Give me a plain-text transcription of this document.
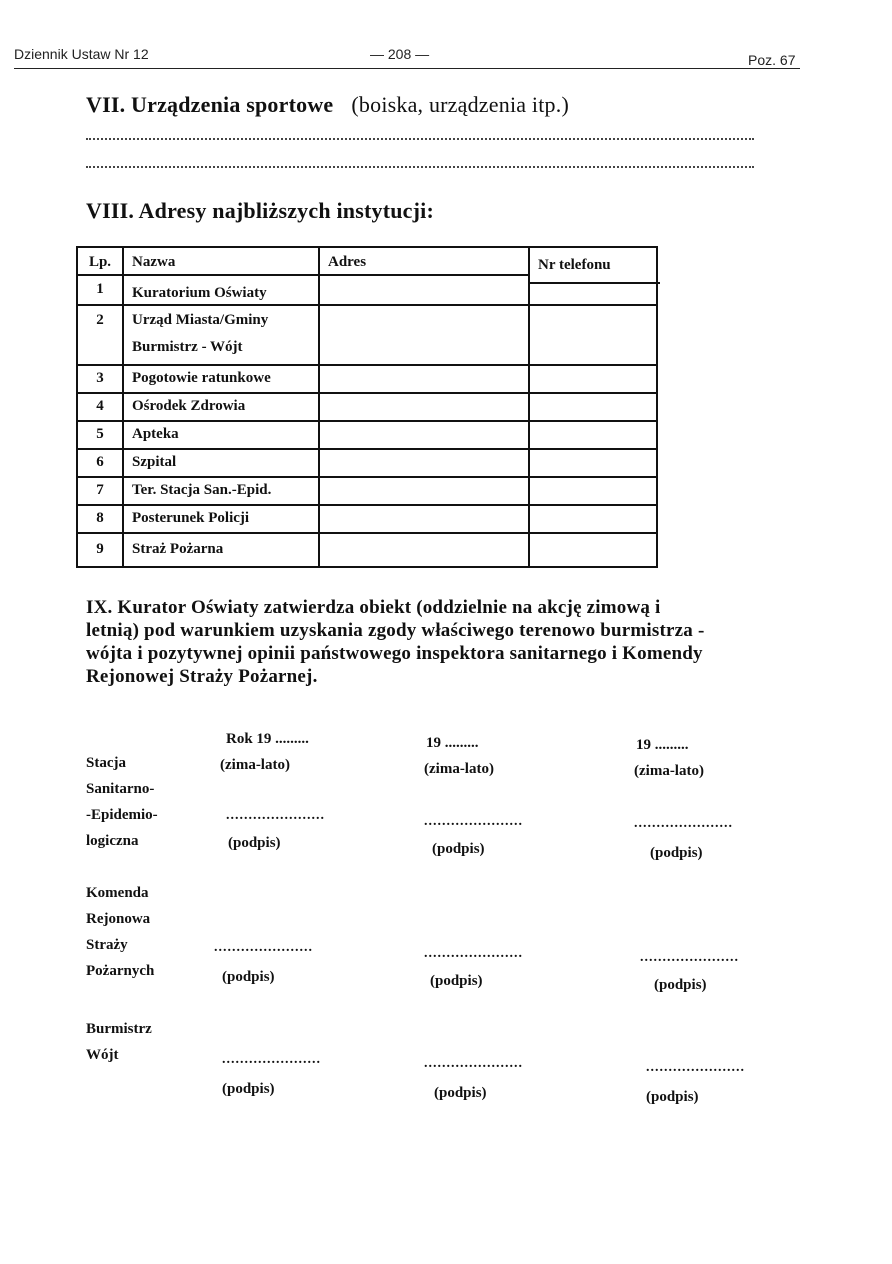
Dziennik Ustaw Nr 12	— 208 —	Poz. 67
VII. Urządzenia sportowe (boiska, urządzenia itp.)
VIII. Adresy najbliższych instytucji:
Lp.	Nazwa	Adres	Nr telefonu
1	Kuratorium Oświaty
2	Urząd Miasta/Gminy
Burmistrz - Wójt
3	Pogotowie ratunkowe
4	Ośrodek Zdrowia
5	Apteka
6	Szpital
7	Ter. Stacja San.-Epid.
8	Posterunek Policji
9	Straż Pożarna
IX. Kurator Oświaty zatwierdza obiekt (oddzielnie na akcję zimową i
letnią) pod warunkiem uzyskania zgody właściwego terenowo burmistrza -
wójta i pozytywnej opinii państwowego inspektora sanitarnego i Komendy
Rejonowej Straży Pożarnej.
Rok 19 .........
(zima-lato)
19 .........
(zima-lato)
19 .........
(zima-lato)
Stacja
Sanitarno-
-Epidemio-
logiczna
......................	......................	......................
(podpis)	(podpis)	(podpis)
Komenda
Rejonowa
Straży
Pożarnych
......................	......................	......................
(podpis)	(podpis)	(podpis)
Burmistrz
Wójt	......................	......................	......................
(podpis)	(podpis)	(podpis)
